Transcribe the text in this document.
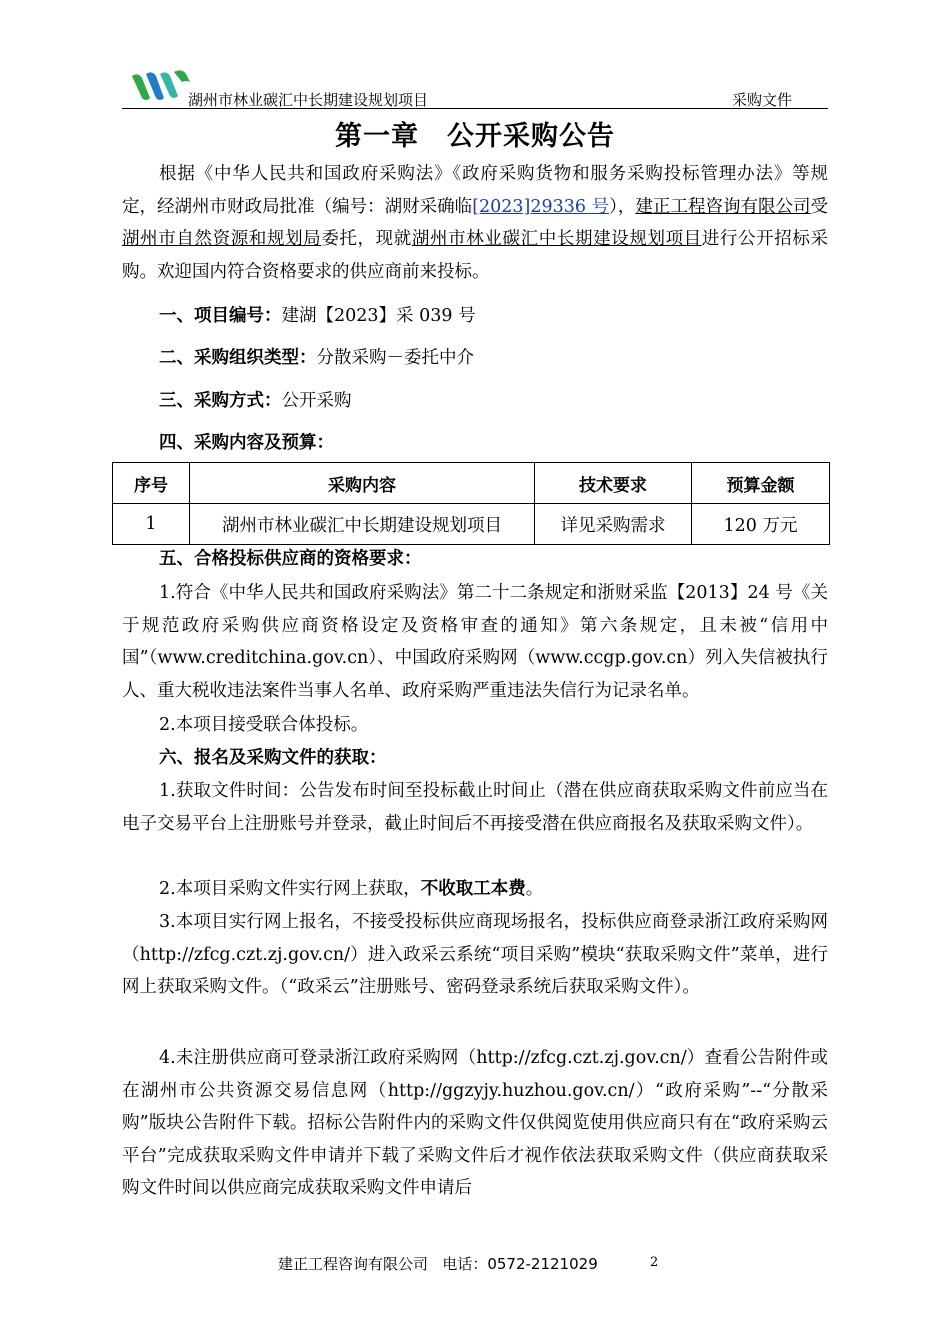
湖州市林业碳汇中长期建设规划项目	采购文件
第一章 公开采购公告
根据《中华人民共和国政府采购法》《政府采购货物和服务采购投标管理办法》等规定，经湖州市财政局批准（编号：湖财采确临[2023]29336 号），建正工程咨询有限公司受湖州市自然资源和规划局委托，现就湖州市林业碳汇中长期建设规划项目进行公开招标采购。欢迎国内符合资格要求的供应商前来投标。
一、项目编号：建湖【2023】采 039 号
二、采购组织类型：分散采购－委托中介
三、采购方式：公开采购
四、采购内容及预算：
序号	采购内容	技术要求	预算金额
1	湖州市林业碳汇中长期建设规划项目	详见采购需求	120 万元
五、合格投标供应商的资格要求：
1.符合《中华人民共和国政府采购法》第二十二条规定和浙财采监【2013】24 号《关于规范政府采购供应商资格设定及资格审查的通知》第六条规定，且未被“信用中国”（www.creditchina.gov.cn）、中国政府采购网（www.ccgp.gov.cn）列入失信被执行人、重大税收违法案件当事人名单、政府采购严重违法失信行为记录名单。
2.本项目接受联合体投标。
六、报名及采购文件的获取：
1.获取文件时间：公告发布时间至投标截止时间止（潜在供应商获取采购文件前应当在电子交易平台上注册账号并登录，截止时间后不再接受潜在供应商报名及获取采购文件）。
2.本项目采购文件实行网上获取，不收取工本费。
3.本项目实行网上报名，不接受投标供应商现场报名，投标供应商登录浙江政府采购网（http://zfcg.czt.zj.gov.cn/）进入政采云系统“项目采购”模块“获取采购文件”菜单，进行网上获取采购文件。（“政采云”注册账号、密码登录系统后获取采购文件）。
4.未注册供应商可登录浙江政府采购网（http://zfcg.czt.zj.gov.cn/）查看公告附件或在湖州市公共资源交易信息网（http://ggzyjy.huzhou.gov.cn/）“政府采购”--“分散采购”版块公告附件下载。招标公告附件内的采购文件仅供阅览使用供应商只有在“政府采购云平台”完成获取采购文件申请并下载了采购文件后才视作依法获取采购文件（供应商获取采购文件时间以供应商完成获取采购文件申请后
建正工程咨询有限公司 电话：0572-2121029	2
